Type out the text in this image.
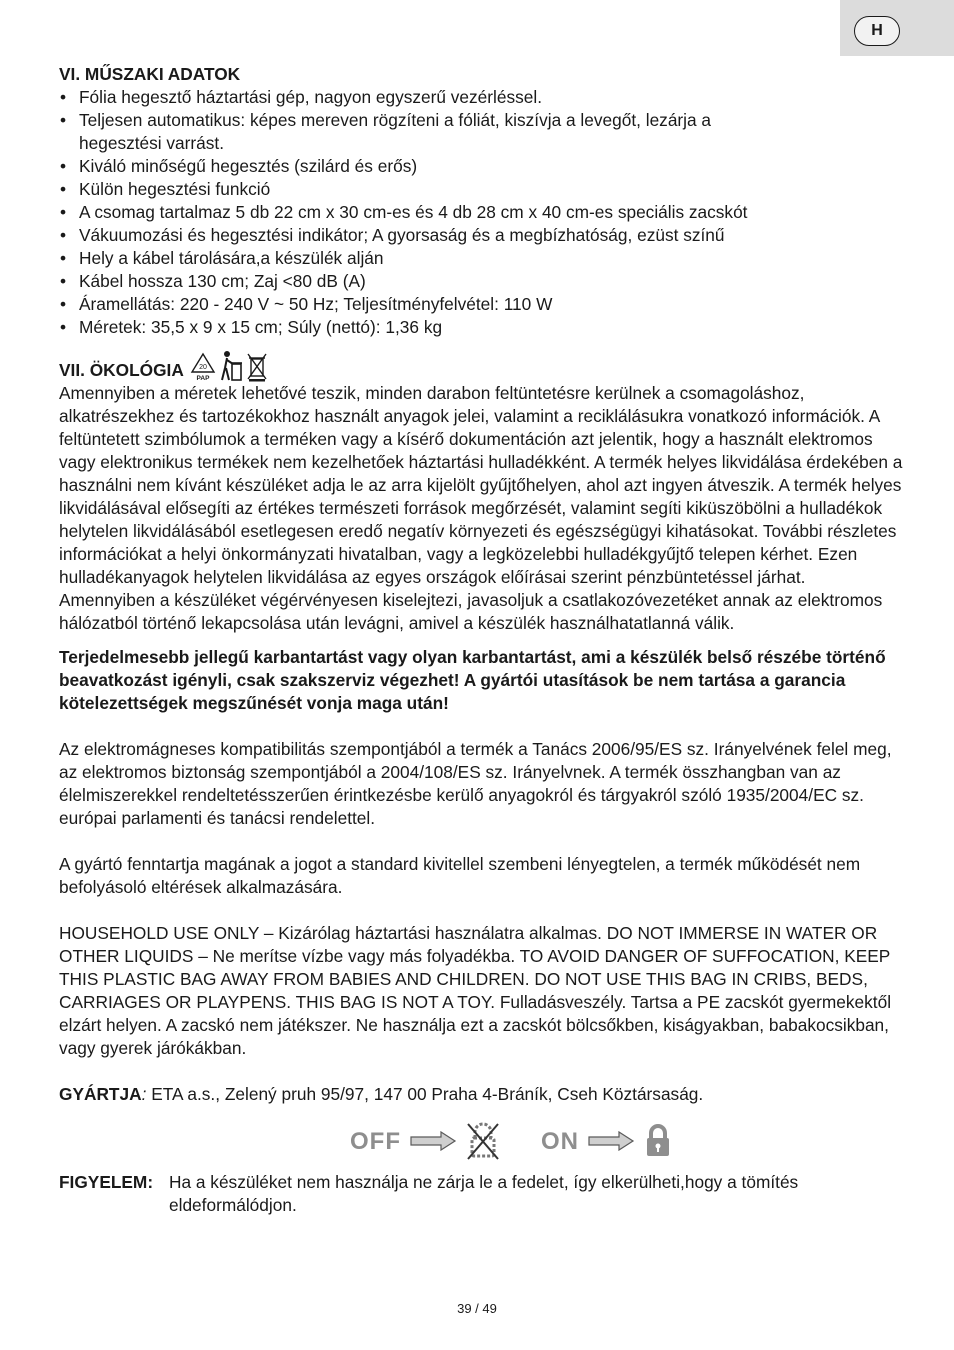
H

VI. MŰSZAKI ADATOK

• Fólia hegesztő háztartási gép, nagyon egyszerű vezérléssel.
• Teljesen automatikus: képes mereven rögzíteni a fóliát, kiszívja a levegőt, lezárja a hegesztési varrást.
• Kiváló minőségű hegesztés (szilárd és erős)
• Külön hegesztési funkció
• A csomag tartalmaz 5 db 22 cm x 30 cm-es és 4 db 28 cm x 40 cm-es speciális zacskót
• Vákuumozási és hegesztési indikátor; A gyorsaság és a megbízhatóság, ezüst színű
• Hely a kábel tárolására,a készülék alján
• Kábel hossza 130 cm; Zaj <80 dB (A)
• Áramellátás: 220 - 240 V ~ 50 Hz; Teljesítményfelvétel: 110 W
• Méretek: 35,5 x 9 x 15 cm; Súly (nettó): 1,36 kg

VII. ÖKOLÓGIA 20
PAP

Amennyiben a méretek lehetővé teszik, minden darabon feltüntetésre kerülnek a csomagoláshoz, alkatrészekhez és tartozékokhoz használt anyagok jelei, valamint a reciklálásukra vonatkozó információk. A feltüntetett szimbólumok a terméken vagy a kísérő dokumentáción azt jelentik, hogy a használt elektromos vagy elektronikus termékek nem kezelhetőek háztartási hulladékként. A termék helyes likvidálása érdekében a használni nem kívánt készüléket adja le az arra kijelölt gyűjtőhelyen, ahol azt ingyen átveszik. A termék helyes likvidálásával elősegíti az értékes természeti források megőrzését, valamint segíti kiküszöbölni a hulladékok helytelen likvidálásából esetlegesen eredő negatív környezeti és egészségügyi kihatásokat. További részletes információkat a helyi önkormányzati hivatalban, vagy a legközelebbi hulladékgyűjtő telepen kérhet. Ezen hulladékanyagok helytelen likvidálása az egyes országok előírásai szerint pénzbüntetéssel járhat. Amennyiben a készüléket végérvényesen kiselejtezi, javasoljuk a csatlakozóvezetéket annak az elektromos hálózatból történő lekapcsolása után levágni, amivel a készülék használhatatlanná válik.

Terjedelmesebb jellegű karbantartást vagy olyan karbantartást, ami a készülék belső részébe történő beavatkozást igényli, csak szakszerviz végezhet! A gyártói utasítások be nem tartása a garancia kötelezettségek megszűnését vonja maga után!

Az elektromágneses kompatibilitás szempontjából a termék a Tanács 2006/95/ES sz. Irányelvének felel meg, az elektromos biztonság szempontjából a 2004/108/ES sz. Irányelvnek. A termék összhangban van az élelmiszerekkel rendeltetésszerűen érintkezésbe kerülő anyagokról és tárgyakról szóló 1935/2004/EC sz. európai parlamenti és tanácsi rendelettel.

A gyártó fenntartja magának a jogot a standard kivitellel szembeni lényegtelen, a termék működését nem befolyásoló eltérések alkalmazására.

HOUSEHOLD USE ONLY – Kizárólag háztartási használatra alkalmas. DO NOT IMMERSE IN WATER OR OTHER LIQUIDS – Ne merítse vízbe vagy más folyadékba. TO AVOID DANGER OF SUFFOCATION, KEEP THIS PLASTIC BAG AWAY FROM BABIES AND CHILDREN. DO NOT USE THIS BAG IN CRIBS, BEDS, CARRIAGES OR PLAYPENS. THIS BAG IS NOT A TOY. Fulladásveszély. Tartsa a PE zacskót gyermekektől elzárt helyen. A zacskó nem játékszer. Ne használja ezt a zacskót bölcsőkben, kiságyakban, babakocsikban, vagy gyerek járókákban.

GYÁRTJA: ETA a.s., Zelený pruh 95/97, 147 00 Praha 4-Bráník, Cseh Köztársaság.

OFF	ON
FIGYELEM: Ha a készüléket nem használja ne zárja le a fedelet, így elkerülheti,hogy a tömítés eldeformálódjon.
39 / 49
